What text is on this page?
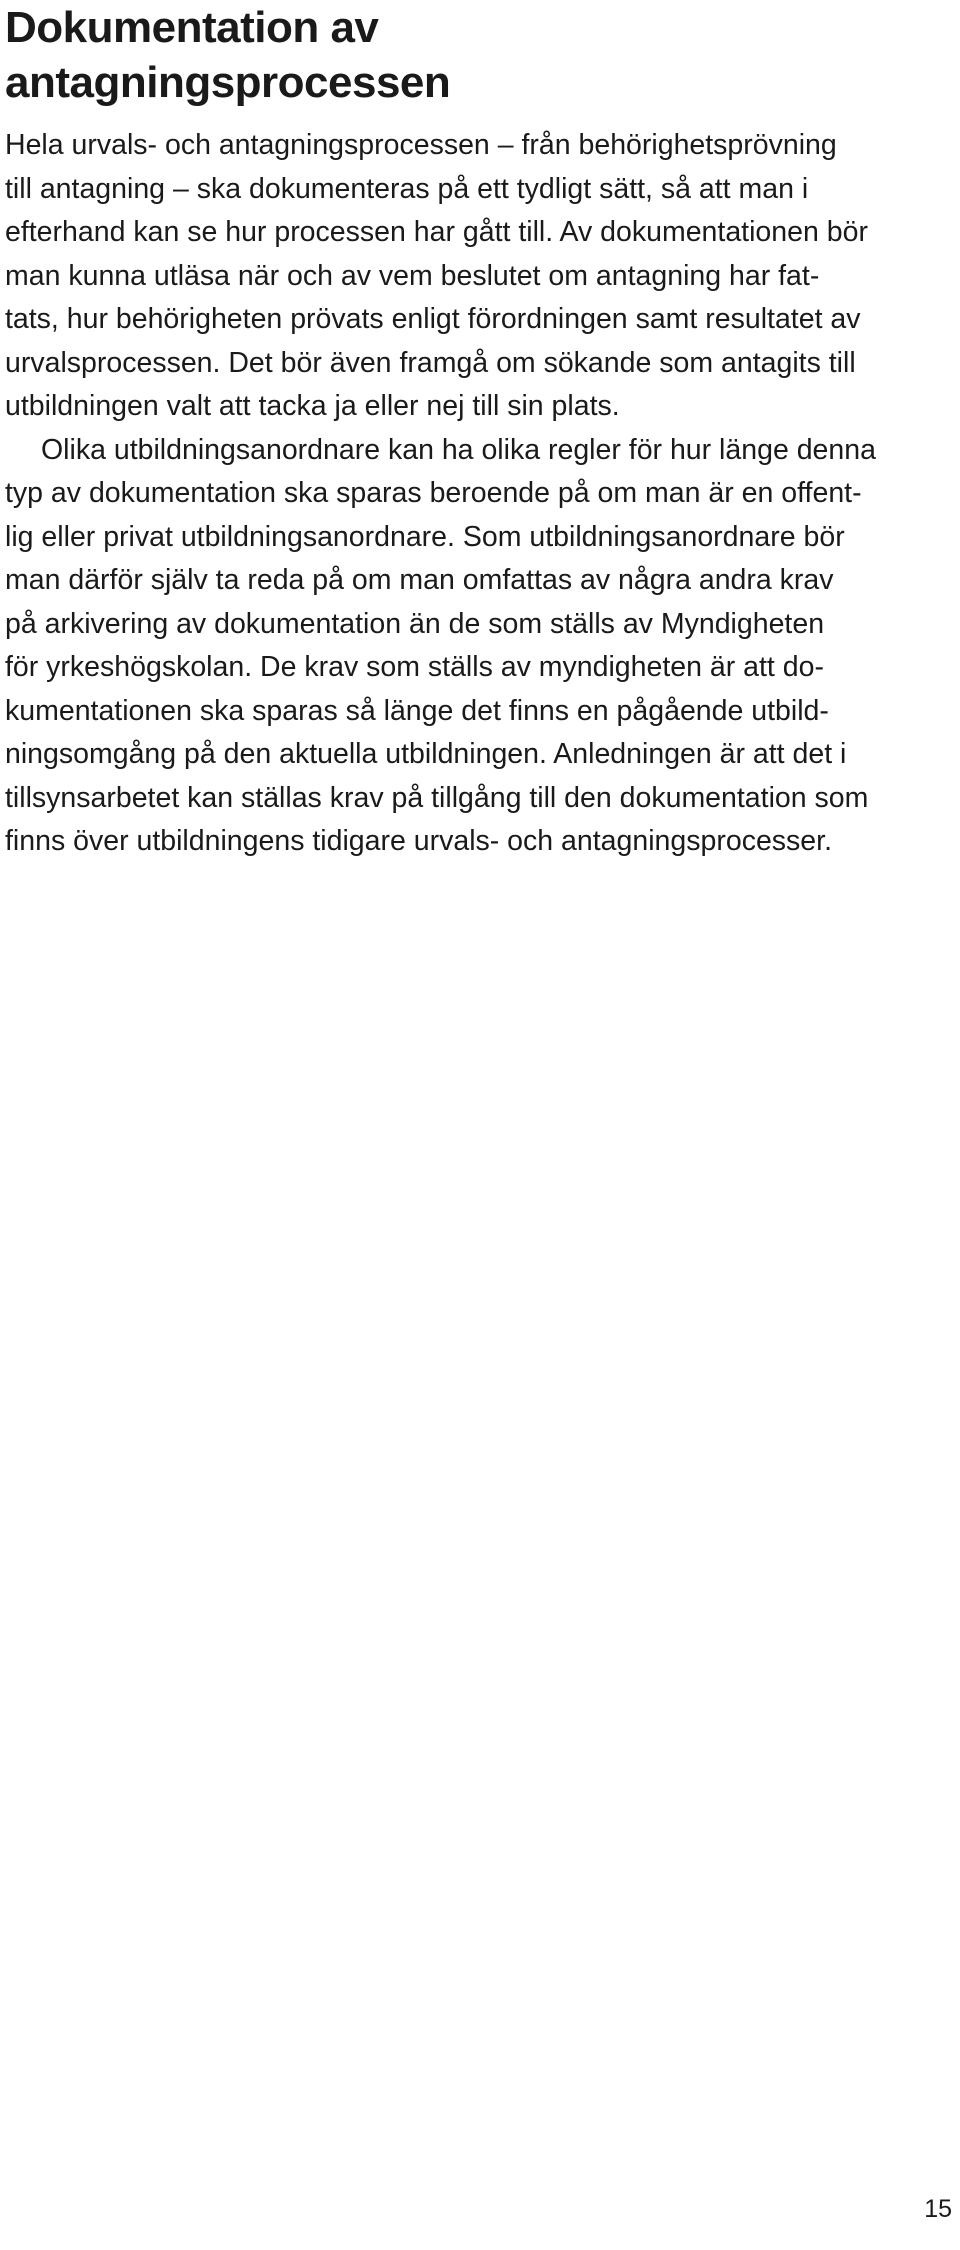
Dokumentation av
antagningsprocessen
Hela urvals- och antagningsprocessen – från behörighetsprövning
till antagning – ska dokumenteras på ett tydligt sätt, så att man i
efterhand kan se hur processen har gått till. Av dokumentationen bör
man kunna utläsa när och av vem beslutet om antagning har fat-
tats, hur behörigheten prövats enligt förordningen samt resultatet av
urvalsprocessen. Det bör även framgå om sökande som antagits till
utbildningen valt att tacka ja eller nej till sin plats.
Olika utbildningsanordnare kan ha olika regler för hur länge denna
typ av dokumentation ska sparas beroende på om man är en offent-
lig eller privat utbildningsanordnare. Som utbildningsanordnare bör
man därför själv ta reda på om man omfattas av några andra krav
på arkivering av dokumentation än de som ställs av Myndigheten
för yrkeshögskolan. De krav som ställs av myndigheten är att do-
kumentationen ska sparas så länge det finns en pågående utbild-
ningsomgång på den aktuella utbildningen. Anledningen är att det i
tillsynsarbetet kan ställas krav på tillgång till den dokumentation som
finns över utbildningens tidigare urvals- och antagningsprocesser.
15
